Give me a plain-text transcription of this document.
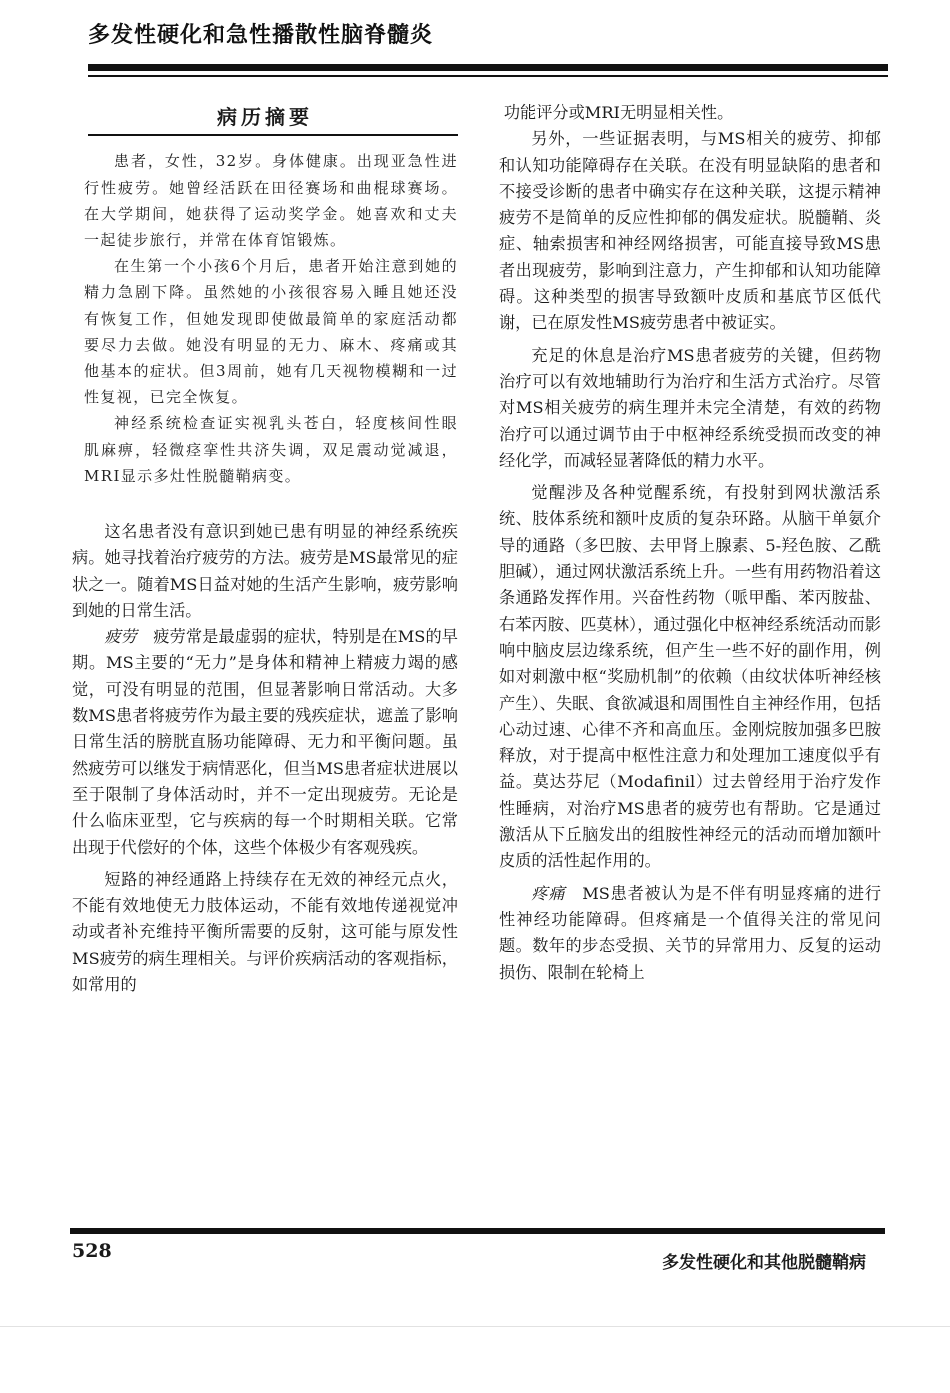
多发性硬化和急性播散性脑脊髓炎
病历摘要

患者，女性，32岁。身体健康。出现亚急性进行性疲劳。她曾经活跃在田径赛场和曲棍球赛场。在大学期间，她获得了运动奖学金。她喜欢和丈夫一起徒步旅行，并常在体育馆锻炼。

在生第一个小孩6个月后，患者开始注意到她的精力急剧下降。虽然她的小孩很容易入睡且她还没有恢复工作，但她发现即使做最简单的家庭活动都要尽力去做。她没有明显的无力、麻木、疼痛或其他基本的症状。但3周前，她有几天视物模糊和一过性复视，已完全恢复。

神经系统检查证实视乳头苍白，轻度核间性眼肌麻痹，轻微痉挛性共济失调，双足震动觉减退，MRI显示多灶性脱髓鞘病变。

这名患者没有意识到她已患有明显的神经系统疾病。她寻找着治疗疲劳的方法。疲劳是MS最常见的症状之一。随着MS日益对她的生活产生影响，疲劳影响到她的日常生活。

疲劳　 疲劳常是最虚弱的症状，特别是在MS的早期。MS主要的“无力”是身体和精神上精疲力竭的感觉，可没有明显的范围，但显著影响日常活动。大多数MS患者将疲劳作为最主要的残疾症状，遮盖了影响日常生活的膀胱直肠功能障碍、无力和平衡问题。虽然疲劳可以继发于病情恶化，但当MS患者症状进展以至于限制了身体活动时，并不一定出现疲劳。无论是什么临床亚型，它与疾病的每一个时期相关联。它常出现于代偿好的个体，这些个体极少有客观残疾。

短路的神经通路上持续存在无效的神经元点火，不能有效地使无力肢体运动，不能有效地传递视觉冲动或者补充维持平衡所需要的反射，这可能与原发性MS疲劳的病生理相关。与评价疾病活动的客观指标，如常用的

功能评分或MRI无明显相关性。

另外，一些证据表明，与MS相关的疲劳、抑郁和认知功能障碍存在关联。在没有明显缺陷的患者和不接受诊断的患者中确实存在这种关联，这提示精神疲劳不是简单的反应性抑郁的偶发症状。脱髓鞘、炎症、轴索损害和神经网络损害，可能直接导致MS患者出现疲劳，影响到注意力，产生抑郁和认知功能障碍。这种类型的损害导致额叶皮质和基底节区低代谢，已在原发性MS疲劳患者中被证实。

充足的休息是治疗MS患者疲劳的关键，但药物治疗可以有效地辅助行为治疗和生活方式治疗。尽管对MS相关疲劳的病生理并未完全清楚，有效的药物治疗可以通过调节由于中枢神经系统受损而改变的神经化学，而减轻显著降低的精力水平。

觉醒涉及各种觉醒系统，有投射到网状激活系统、肢体系统和额叶皮质的复杂环路。从脑干单氨介导的通路（多巴胺、去甲肾上腺素、5-羟色胺、乙酰胆碱），通过网状激活系统上升。一些有用药物沿着这条通路发挥作用。兴奋性药物（哌甲酯、苯丙胺盐、右苯丙胺、匹莫林），通过强化中枢神经系统活动而影响中脑皮层边缘系统，但产生一些不好的副作用，例如对刺激中枢“奖励机制”的依赖（由纹状体听神经核产生）、失眠、食欲减退和周围性自主神经作用，包括心动过速、心律不齐和高血压。金刚烷胺加强多巴胺释放，对于提高中枢性注意力和处理加工速度似乎有益。莫达芬尼（Modafinil）过去曾经用于治疗发作性睡病，对治疗MS患者的疲劳也有帮助。它是通过激活从下丘脑发出的组胺性神经元的活动而增加额叶皮质的活性起作用的。

疼痛　 MS患者被认为是不伴有明显疼痛的进行性神经功能障碍。但疼痛是一个值得关注的常见问题。数年的步态受损、关节的异常用力、反复的运动损伤、限制在轮椅上

528
多发性硬化和其他脱髓鞘病
